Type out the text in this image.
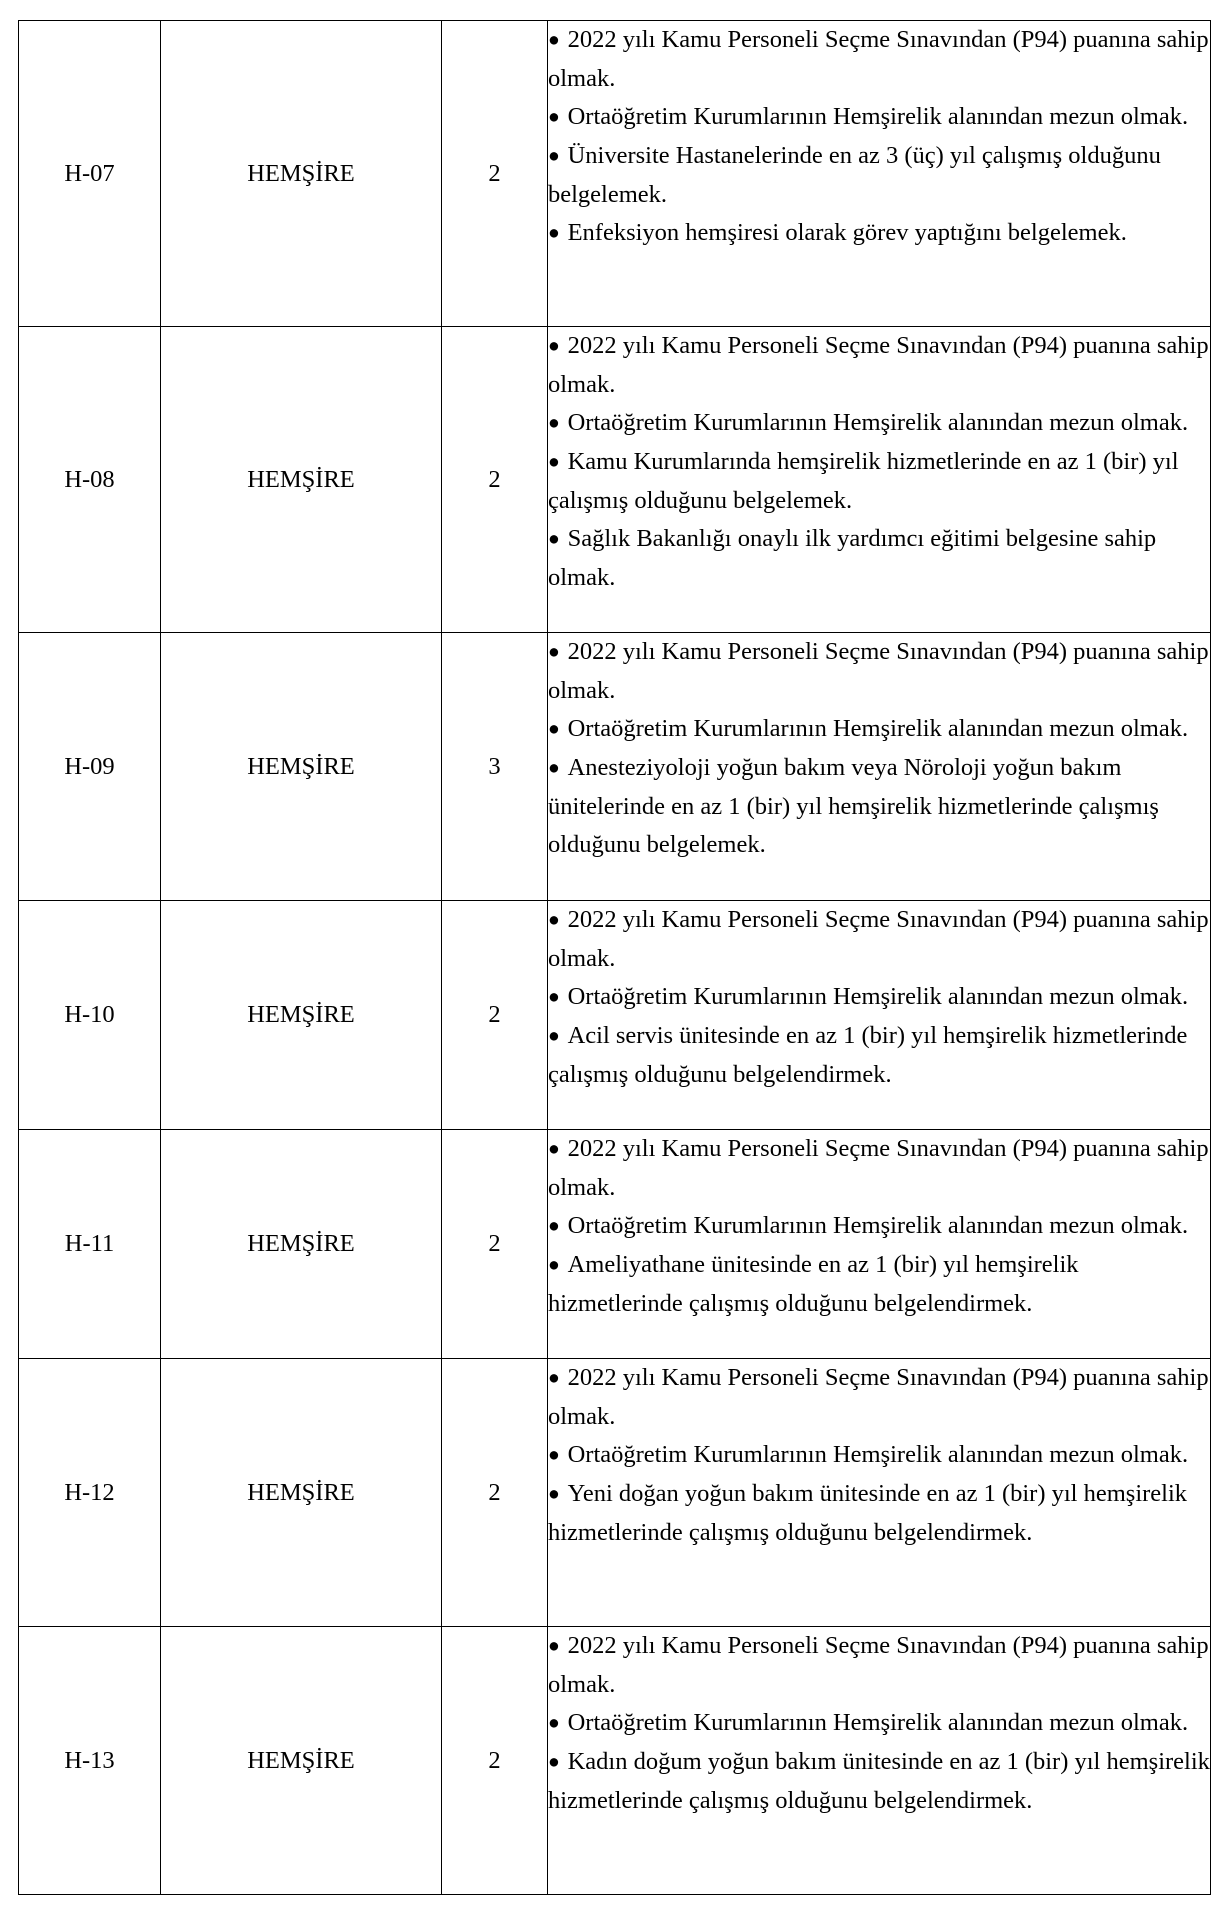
H-07	HEMŞİRE	2	● 2022 yılı Kamu Personeli Seçme Sınavından (P94) puanına sahip olmak.

● Ortaöğretim Kurumlarının Hemşirelik alanından mezun olmak.

● Üniversite Hastanelerinde en az 3 (üç) yıl çalışmış olduğunu belgelemek.

● Enfeksiyon hemşiresi olarak görev yaptığını belgelemek.

H-08	HEMŞİRE	2	● 2022 yılı Kamu Personeli Seçme Sınavından (P94) puanına sahip olmak.

● Ortaöğretim Kurumlarının Hemşirelik alanından mezun olmak.

● Kamu Kurumlarında hemşirelik hizmetlerinde en az 1 (bir) yıl çalışmış olduğunu belgelemek.

● Sağlık Bakanlığı onaylı ilk yardımcı eğitimi belgesine sahip olmak.

H-09	HEMŞİRE	3	● 2022 yılı Kamu Personeli Seçme Sınavından (P94) puanına sahip olmak.

● Ortaöğretim Kurumlarının Hemşirelik alanından mezun olmak.

● Anesteziyoloji yoğun bakım veya Nöroloji yoğun bakım ünitelerinde en az 1 (bir) yıl hemşirelik hizmetlerinde çalışmış olduğunu belgelemek.

H-10	HEMŞİRE	2	● 2022 yılı Kamu Personeli Seçme Sınavından (P94) puanına sahip olmak.

● Ortaöğretim Kurumlarının Hemşirelik alanından mezun olmak.

● Acil servis ünitesinde en az 1 (bir) yıl hemşirelik hizmetlerinde çalışmış olduğunu belgelendirmek.

H-11	HEMŞİRE	2	● 2022 yılı Kamu Personeli Seçme Sınavından (P94) puanına sahip olmak.

● Ortaöğretim Kurumlarının Hemşirelik alanından mezun olmak.

● Ameliyathane ünitesinde en az 1 (bir) yıl hemşirelik hizmetlerinde çalışmış olduğunu belgelendirmek.

H-12	HEMŞİRE	2	● 2022 yılı Kamu Personeli Seçme Sınavından (P94) puanına sahip olmak.

● Ortaöğretim Kurumlarının Hemşirelik alanından mezun olmak.

● Yeni doğan yoğun bakım ünitesinde en az 1 (bir) yıl hemşirelik hizmetlerinde çalışmış olduğunu belgelendirmek.

H-13	HEMŞİRE	2	● 2022 yılı Kamu Personeli Seçme Sınavından (P94) puanına sahip olmak.

● Ortaöğretim Kurumlarının Hemşirelik alanından mezun olmak.

● Kadın doğum yoğun bakım ünitesinde en az 1 (bir) yıl hemşirelik hizmetlerinde çalışmış olduğunu belgelendirmek.
